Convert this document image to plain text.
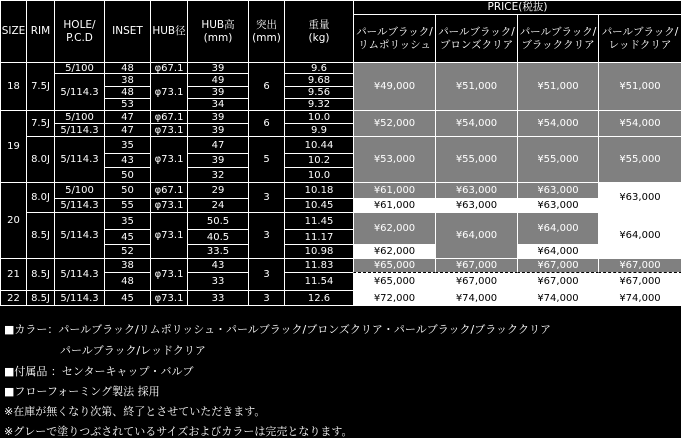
SIZE RIM
HOLE/
P.C.D
INSET HUB径
HUB高
(mm)
突出
(mm)
重量
(kg)
PRICE(税抜)
パールブラック/
リムポリッシュ
パールブラック/
ブロンズクリア
パールブラック/
ブラッククリア
パールブラック/
レッドクリア
18
19
20
21
22
7.5J
7.5J
8.0J
8.0J
8.5J
8.5J
8.5J
5/100
5/114.3
5/100
5/114.3
5/114.3
5/100
5/114.3
5/114.3
5/114.3
5/114.3
48
38
48
53
47
47
35
43
50
50
55
35
45
52
38
48
45
φ67.1
φ73.1
φ67.1
φ73.1
φ73.1
φ67.1
φ73.1
φ73.1
φ73.1
φ73.1
39
49
39
34
39
39
47
39
32
29
24
50.5
40.5
33.5
43
33
33
6
6
5
3
3
3
3
9.6
9.68
9.56
9.32
10.0
9.9
10.44
10.2
10.0
10.18
10.45
11.45
11.17
10.98
11.83
11.54
12.6
¥49,000
¥52,000
¥53,000
¥65,000
¥65,000
¥72,000
¥51,000
¥54,000
¥55,000
¥67,000
¥67,000
¥74,000
¥51,000
¥54,000
¥55,000
¥67,000
¥67,000
¥74,000
¥51,000
¥54,000
¥55,000
¥67,000
¥67,000
¥74,000
¥61,000
¥61,000
¥63,000
¥63,000
¥63,000
¥63,000
¥63,000
¥62,000
¥62,000
¥64,000
¥64,000
¥64,000
¥64,000
■カラー：パールブラック/リムポリッシュ・パールブラック/ブロンズクリア・パールブラック/ブラッククリア
パールブラック/レッドクリア
■付属品 ：センターキャップ・バルブ
■フローフォーミング製法 採用
※在庫が無くなり次第、終了とさせていただきます。
※グレーで塗りつぶされているサイズおよびカラーは完売となります。
